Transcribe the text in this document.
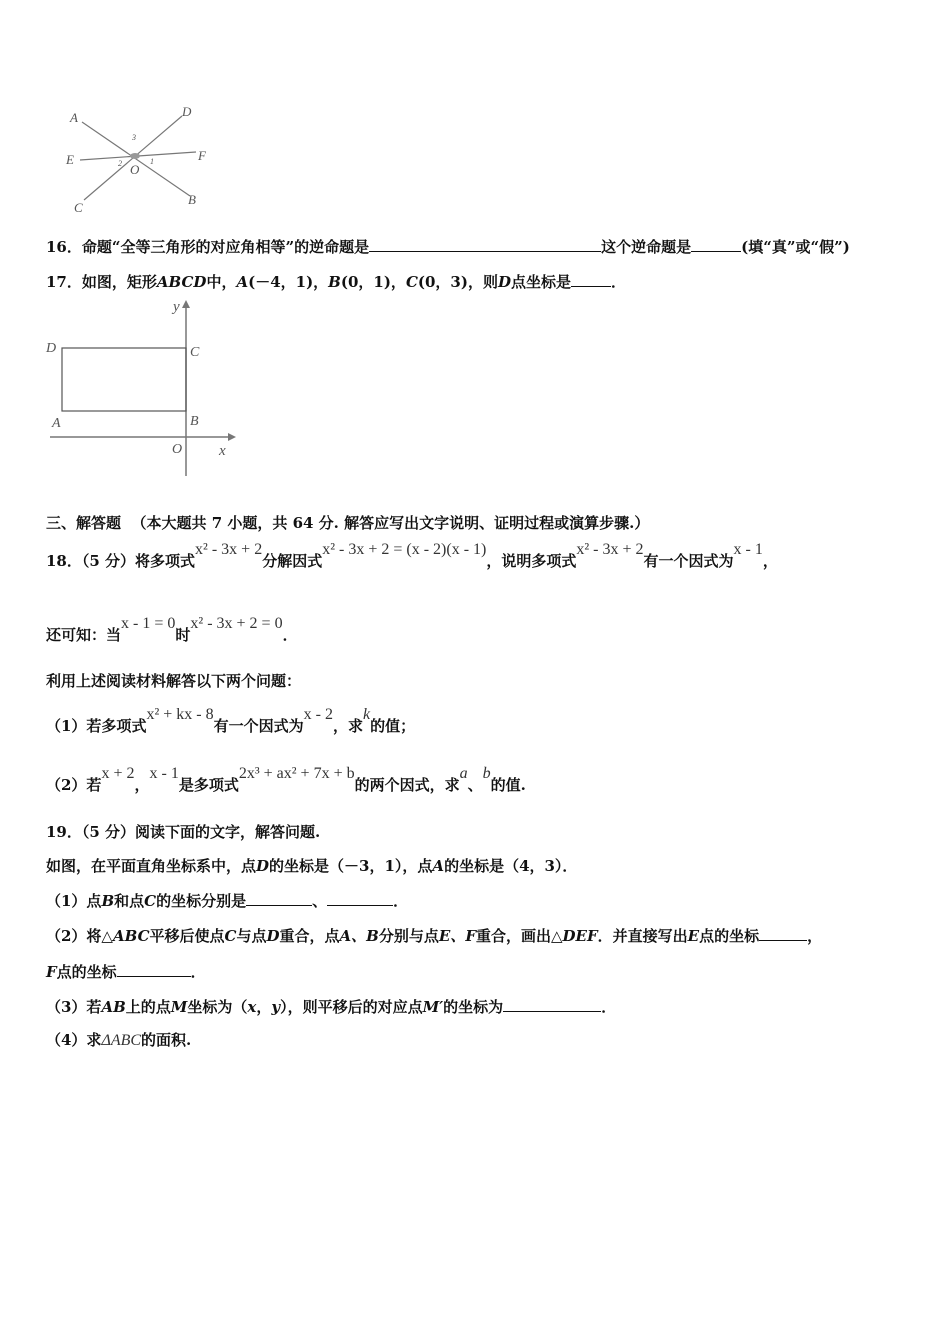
A	D
E	F
C
B
O
1
2
3
16．命题“全等三角形的对应角相等”的逆命题是	这个逆命题是	(填“真”或“假”)
17．如图，矩形ABCD中，A(－4，1)，B(0，1)，C(0，3)，则D点坐标是	．
y
x
D	C
A	B
O
三、解答题 （本大题共 7 小题，共 64 分. 解答应写出文字说明、证明过程或演算步骤.）
18．（5 分）将多项式x² - 3x + 2分解因式x² - 3x + 2 = (x - 2)(x - 1)，说明多项式x² - 3x + 2有一个因式为x - 1，
还可知：当x - 1 = 0时x² - 3x + 2 = 0．
利用上述阅读材料解答以下两个问题：
（1）若多项式x² + kx - 8有一个因式为x - 2，求k的值；
（2）若x + 2，x - 1是多项式2x³ + ax² + 7x + b的两个因式，求a、b的值.
19．（5 分）阅读下面的文字，解答问题.
如图，在平面直角坐标系中，点D的坐标是（－3，1），点A的坐标是（4，3）．
（1）点B和点C的坐标分别是	、	．
（2）将△ABC平移后使点C与点D重合，点A、B分别与点E、F重合，画出△DEF．并直接写出E点的坐标	，
F点的坐标	．
（3）若AB上的点M坐标为（x，y），则平移后的对应点M′的坐标为	．
（4）求ΔABC的面积.
